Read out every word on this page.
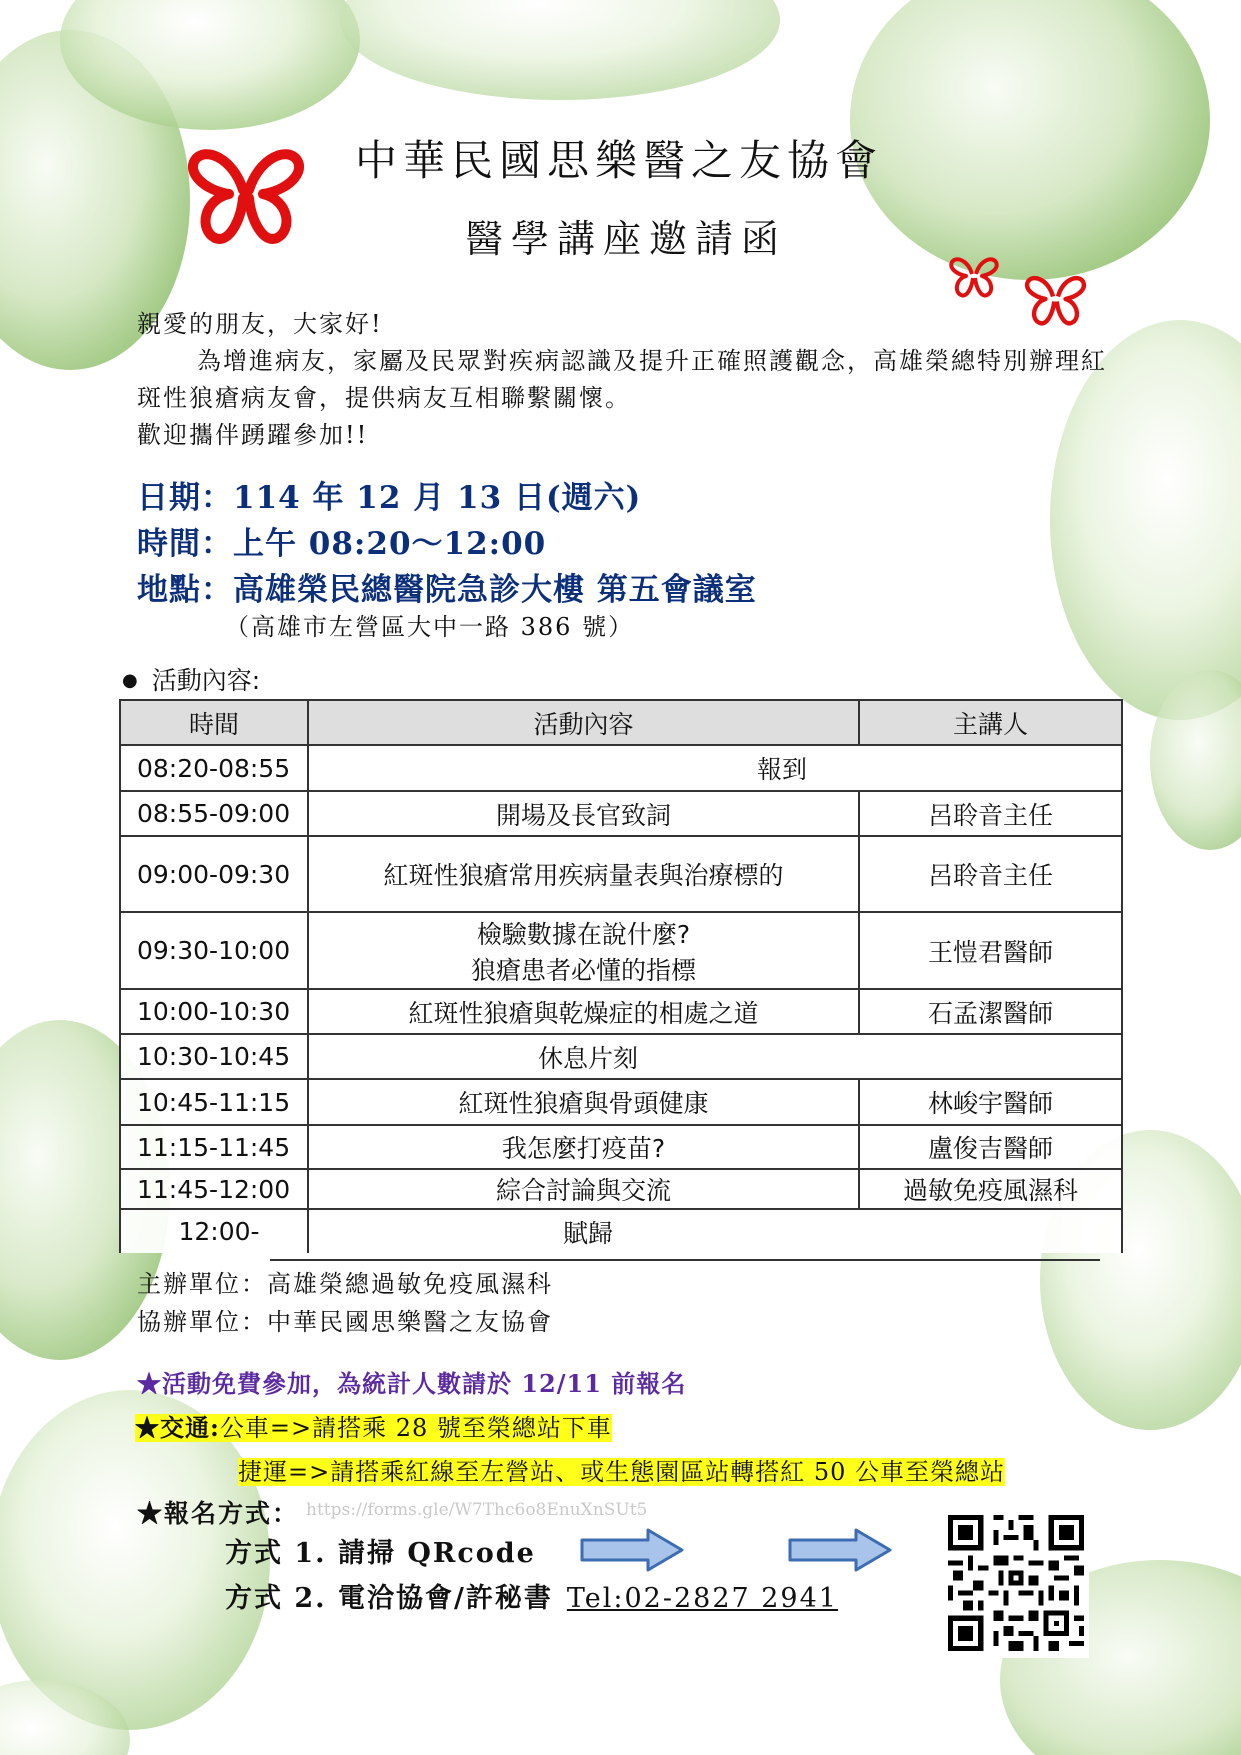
中華民國思樂醫之友協會
醫學講座邀請函

親愛的朋友，大家好!

為增進病友，家屬及民眾對疾病認識及提升正確照護觀念，高雄榮總特別辦理紅斑性狼瘡病友會，提供病友互相聯繫關懷。

歡迎攜伴踴躍參加!!

日期：114 年 12 月 13 日(週六)
時間：上午 08:20～12:00
地點：高雄榮民總醫院急診大樓 第五會議室
（高雄市左營區大中一路 386 號）
● 活動內容:
時間	活動內容	主講人
08:20-08:55	報到	
08:55-09:00	開場及長官致詞	呂聆音主任
09:00-09:30	紅斑性狼瘡常用疾病量表與治療標的	呂聆音主任
09:30-10:00	檢驗數據在說什麼?
狼瘡患者必懂的指標	王愷君醫師
10:00-10:30	紅斑性狼瘡與乾燥症的相處之道	石孟潔醫師
10:30-10:45	休息片刻	
10:45-11:15	紅斑性狼瘡與骨頭健康	林峻宇醫師
11:15-11:45	我怎麼打疫苗?	盧俊吉醫師
11:45-12:00	綜合討論與交流	過敏免疫風濕科
12:00-	賦歸	
主辦單位：高雄榮總過敏免疫風濕科
協辦單位：中華民國思樂醫之友協會
★活動免費參加，為統計人數請於 12/11 前報名
★交通:公車=>請搭乘 28 號至榮總站下車
捷運=>請搭乘紅線至左營站、或生態園區站轉搭紅 50 公車至榮總站
★報名方式： https://forms.gle/W7Thc6o8EnuXnSUt5
方式 1. 請掃 QRcode
方式 2. 電洽協會/許秘書 Tel:02-2827 2941
